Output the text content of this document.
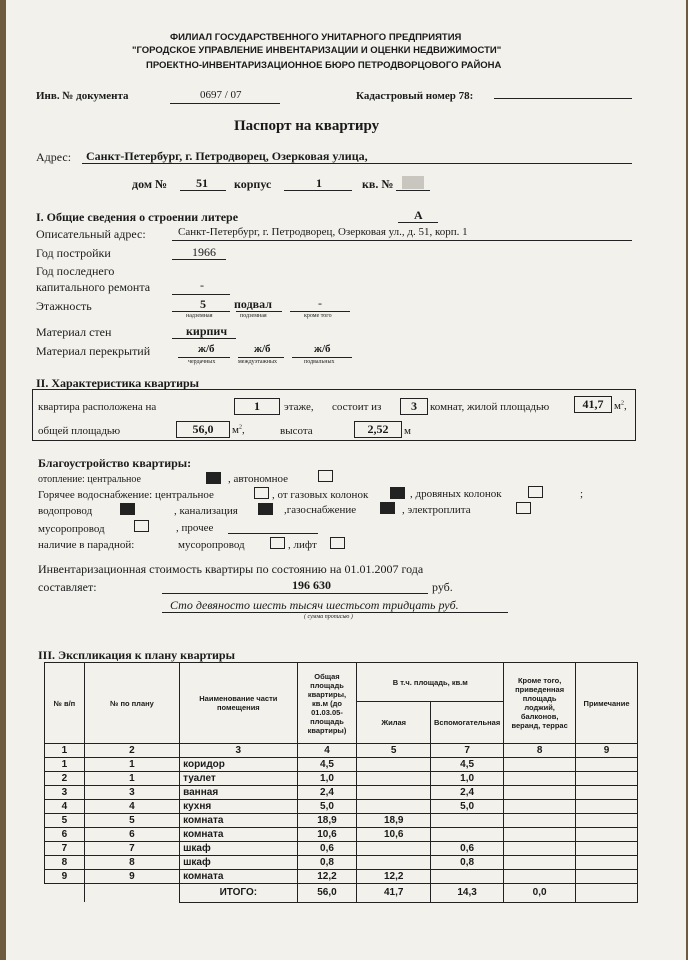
ФИЛИАЛ ГОСУДАРСТВЕННОГО УНИТАРНОГО ПРЕДПРИЯТИЯ
"ГОРОДСКОЕ УПРАВЛЕНИЕ ИНВЕНТАРИЗАЦИИ И ОЦЕНКИ НЕДВИЖИМОСТИ"
ПРОЕКТНО-ИНВЕНТАРИЗАЦИОННОЕ БЮРО ПЕТРОДВОРЦОВОГО РАЙОНА
Инв. № документа	0697 / 07	Кадастровый номер 78:
Паспорт на квартиру
Адрес: Санкт-Петербург, г. Петродворец, Озерковая улица,
дом № 51 корпус	1	кв. №
I. Общие сведения о строении литере	А
Описательный адрес:	Санкт-Петербург, г. Петродворец, Озерковая ул., д. 51, корп. 1
Год постройки	1966
Год последнего
капитального ремонта	-
Этажность	5 подвал	-
надземная	подземная	кроме того
Материал стен	кирпич
Материал перекрытий	ж/б	ж/б	ж/б
чердачных	междуэтажных	подвальных
II. Характеристика квартиры
квартира расположена на	1	этаже, состоит из	3	комнат, жилой площадью	41,7 $м^2$,
общей площадью	56,0	$м^2$,	высота	2,52	м
Благоустройство квартиры:
отопление: центральное	, автономное
Горячее водоснабжение: центральное	, от газовых колонок	, дровяных колонок	;
водопровод	, канализация	,газоснабжение	, электроплита
мусоропровод	, прочее
наличие в парадной:	мусоропровод	, лифт
Инвентаризационная стоимость квартиры по состоянию на 01.01.2007 года
составляет:	196 630	руб.
Сто девяносто шесть тысяч шестьсот тридцать руб.
( сумма прописью )
III. Экспликация к плану квартиры
№ в/п	№ по плану	Наименование части помещения	Общая площадь квартиры, кв.м (до 01.03.05-площадь квартиры)	В т.ч. площадь, кв.м		Кроме того, приведенная площадь лоджий, балконов, веранд, террас	Примечание
				Жилая	Вспомогательная		
1	2	3	4	5	7	8	9
1	1	коридор	4,5		4,5		
2	1	туалет	1,0		1,0		
3	3	ванная	2,4		2,4		
4	4	кухня	5,0		5,0		
5	5	комната	18,9	18,9			
6	6	комната	10,6	10,6			
7	7	шкаф	0,6		0,6		
8	8	шкаф	0,8		0,8		
9	9	комната	12,2	12,2			
		ИТОГО:	56,0	41,7	14,3	0,0	
